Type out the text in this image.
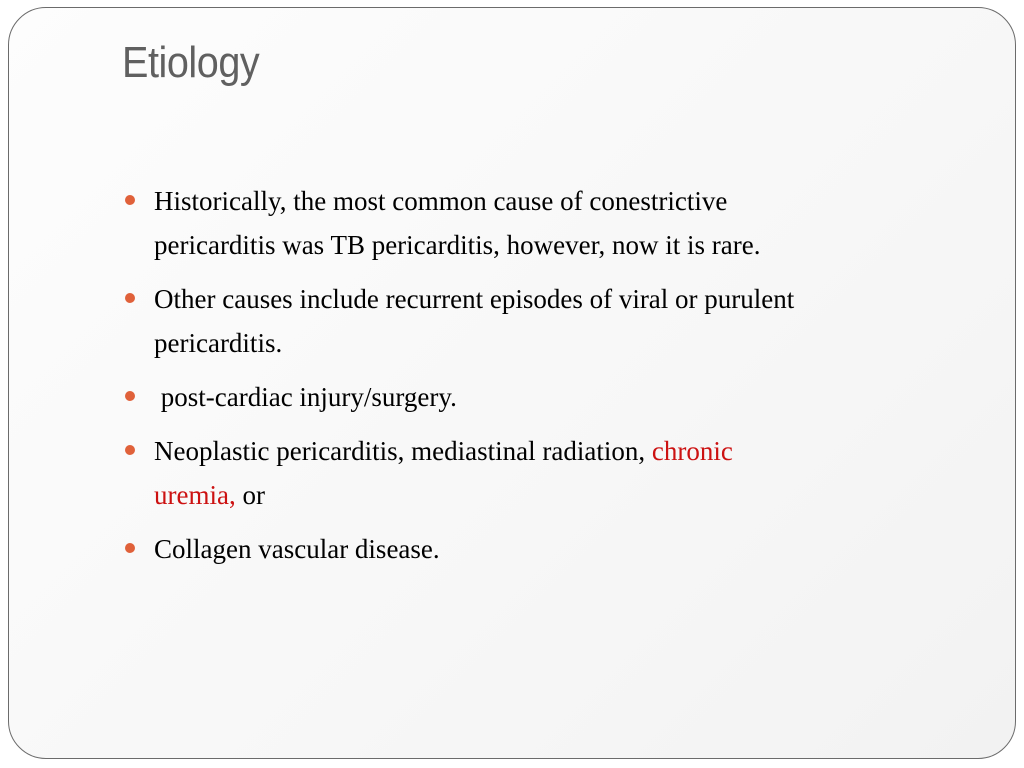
Etiology
Historically, the most common cause of conestrictive
pericarditis was TB pericarditis, however, now it is rare.
Other causes include recurrent episodes of viral or purulent
pericarditis.
post-cardiac injury/surgery.
Neoplastic pericarditis, mediastinal radiation, chronic
uremia, or
Collagen vascular disease.
